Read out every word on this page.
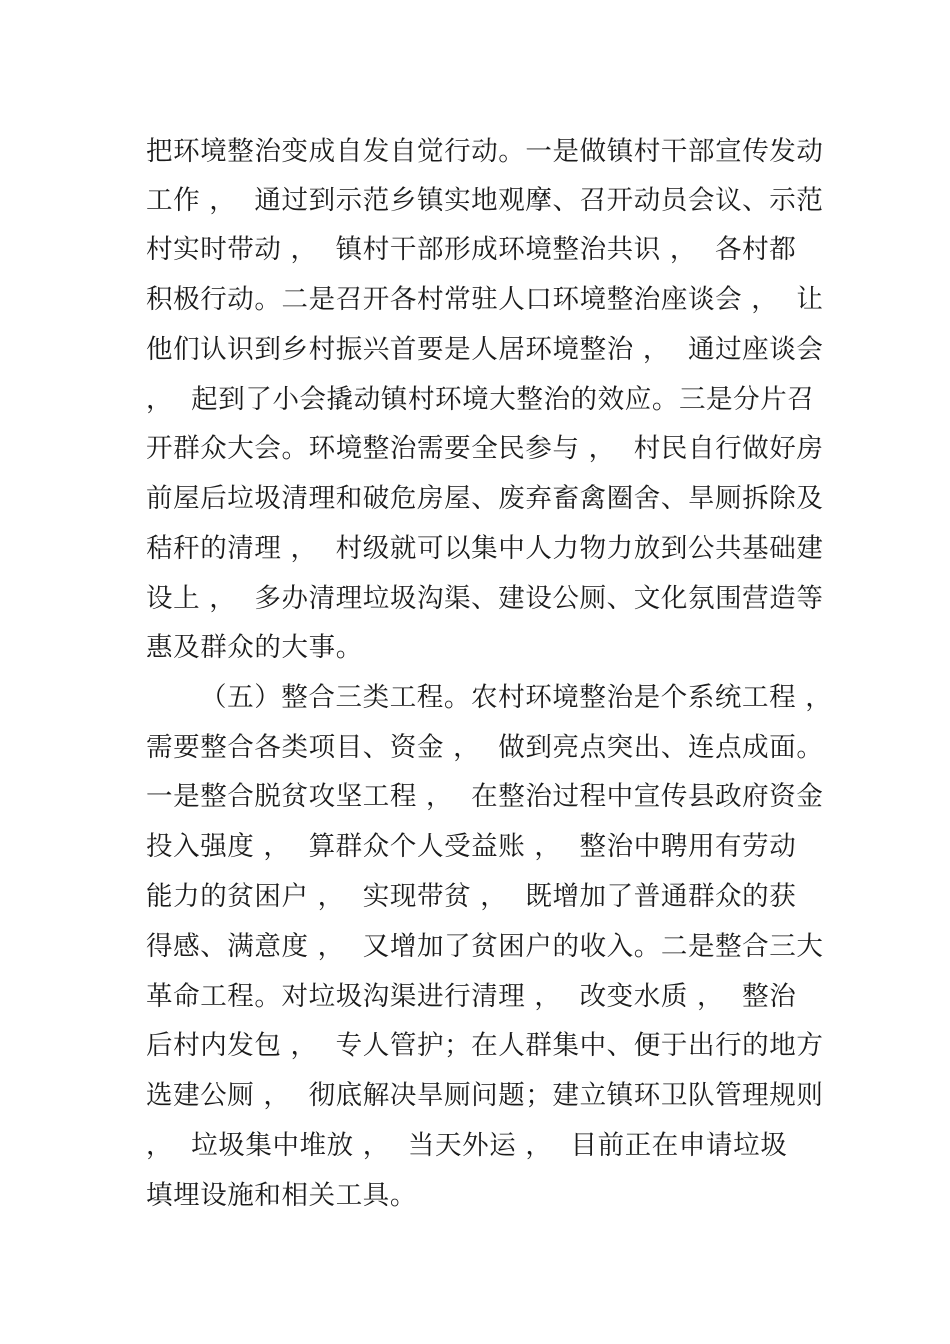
把环境整治变成自发自觉行动。一是做镇村干部宣传发动
工作 ，  通过到示范乡镇实地观摩、召开动员会议、示范
村实时带动 ，  镇村干部形成环境整治共识 ，  各村都
积极行动。二是召开各村常驻人口环境整治座谈会 ，  让
他们认识到乡村振兴首要是人居环境整治 ，  通过座谈会
，  起到了小会撬动镇村环境大整治的效应。三是分片召
开群众大会。环境整治需要全民参与 ，  村民自行做好房
前屋后垃圾清理和破危房屋、废弃畜禽圈舍、旱厕拆除及
秸秆的清理 ，  村级就可以集中人力物力放到公共基础建
设上 ，  多办清理垃圾沟渠、建设公厕、文化氛围营造等
惠及群众的大事。
（五）整合三类工程。农村环境整治是个系统工程 ，
需要整合各类项目、资金 ，  做到亮点突出、连点成面。
一是整合脱贫攻坚工程 ，  在整治过程中宣传县政府资金
投入强度 ，  算群众个人受益账 ，  整治中聘用有劳动
能力的贫困户 ，  实现带贫 ，  既增加了普通群众的获
得感、满意度 ，  又增加了贫困户的收入。二是整合三大
革命工程。对垃圾沟渠进行清理 ，  改变水质 ，  整治
后村内发包 ，  专人管护；在人群集中、便于出行的地方
选建公厕 ，  彻底解决旱厕问题；建立镇环卫队管理规则
，  垃圾集中堆放 ，  当天外运 ，  目前正在申请垃圾
填埋设施和相关工具。
